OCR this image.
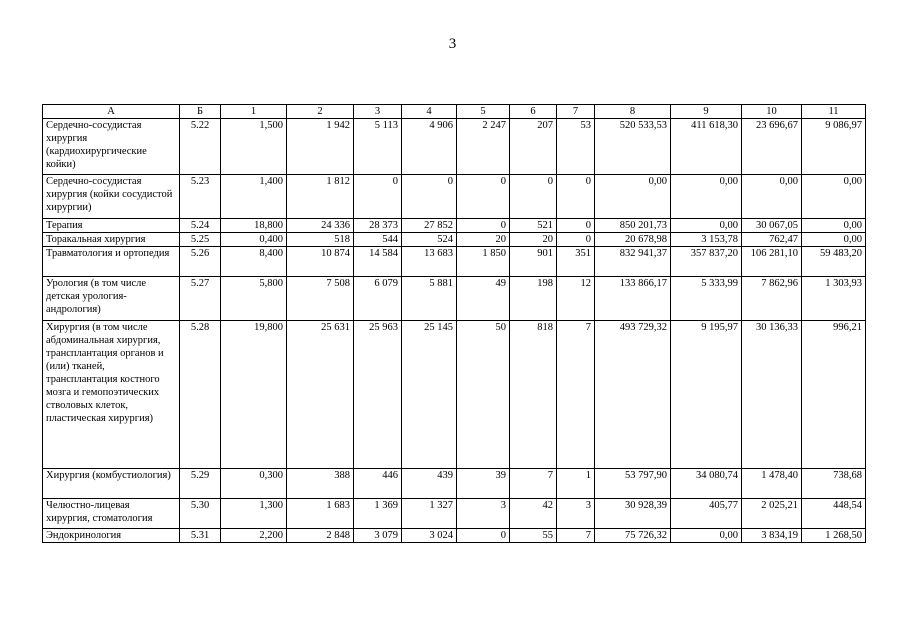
3
А	Б	1	2	3	4	5	6	7	8	9	10	11
Сердечно-сосудистая хирургия (кардиохирургические койки)	5.22	1,500	1 942	5 113	4 906	2 247	207	53	520 533,53	411 618,30	23 696,67	9 086,97
Сердечно-сосудистая хирургия (койки сосудистой хирургии)	5.23	1,400	1 812	0	0	0	0	0	0,00	0,00	0,00	0,00
Терапия	5.24	18,800	24 336	28 373	27 852	0	521	0	850 201,73	0,00	30 067,05	0,00
Торакальная хирургия	5.25	0,400	518	544	524	20	20	0	20 678,98	3 153,78	762,47	0,00
Травматология и ортопедия	5.26	8,400	10 874	14 584	13 683	1 850	901	351	832 941,37	357 837,20	106 281,10	59 483,20
Урология (в том числе детская урология-андрология)	5.27	5,800	7 508	6 079	5 881	49	198	12	133 866,17	5 333,99	7 862,96	1 303,93
Хирургия (в том числе абдоминальная хирургия, трансплантация органов и (или) тканей, трансплантация костного мозга и гемопоэтических стволовых клеток, пластическая хирургия)	5.28	19,800	25 631	25 963	25 145	50	818	7	493 729,32	9 195,97	30 136,33	996,21
Хирургия (комбустиология)	5.29	0,300	388	446	439	39	7	1	53 797,90	34 080,74	1 478,40	738,68
Челюстно-лицевая хирургия, стоматология	5.30	1,300	1 683	1 369	1 327	3	42	3	30 928,39	405,77	2 025,21	448,54
Эндокринология	5.31	2,200	2 848	3 079	3 024	0	55	7	75 726,32	0,00	3 834,19	1 268,50
